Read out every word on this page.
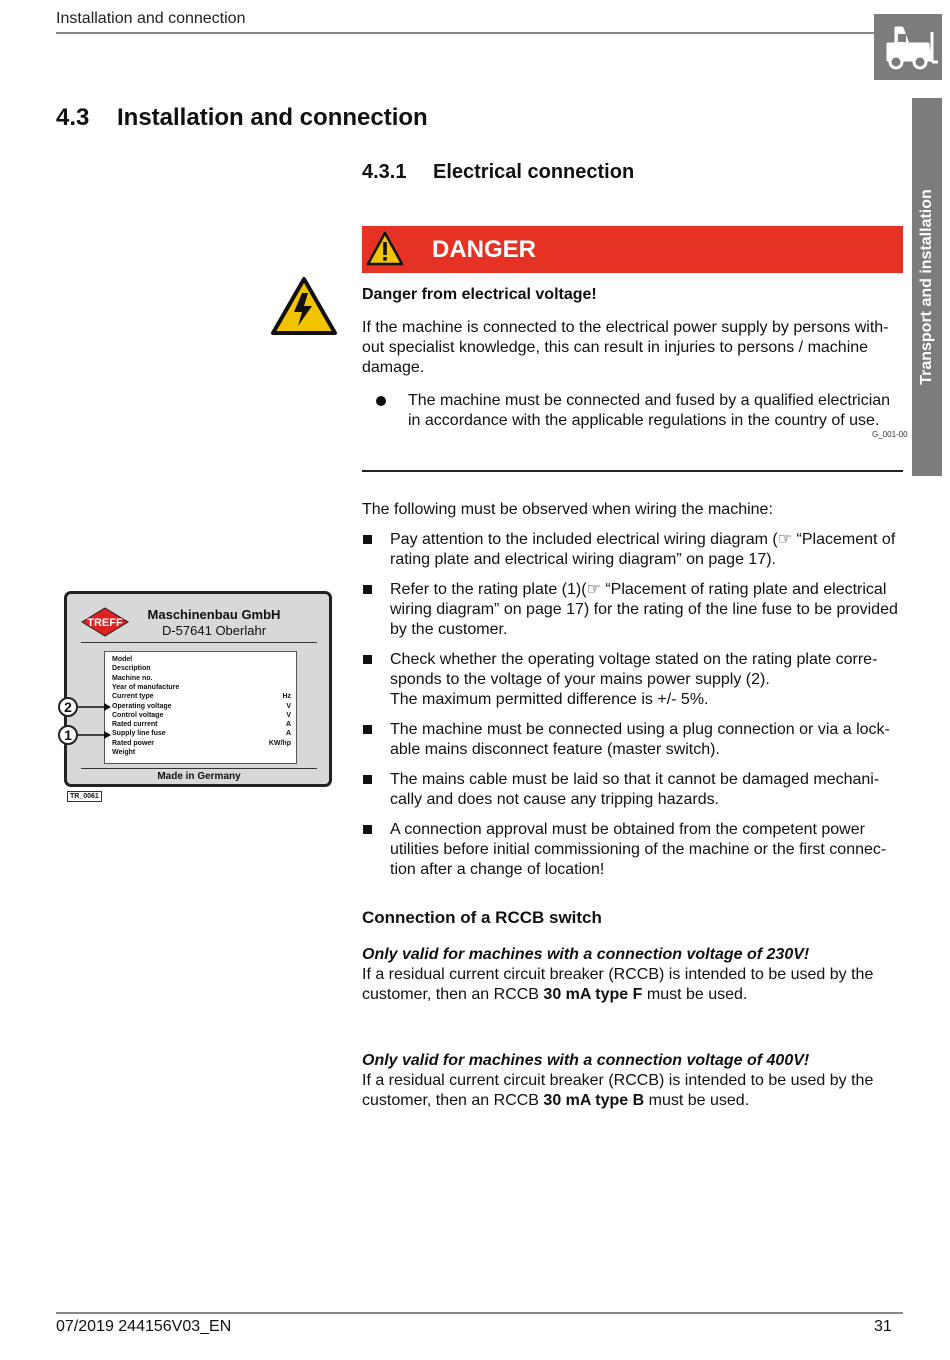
Installation and connection
Transport and installation
4.3 Installation and connection
4.3.1 Electrical connection
DANGER
Danger from electrical voltage!
If the machine is connected to the electrical power supply by persons with-out specialist knowledge, this can result in injuries to persons / machine damage.
The machine must be connected and fused by a qualified electrician in accordance with the applicable regulations in the country of use.
G_001-00
The following must be observed when wiring the machine:
Pay attention to the included electrical wiring diagram (☞ “Placement of rating plate and electrical wiring diagram” on page 17).
Refer to the rating plate (1)(☞ “Placement of rating plate and electrical wiring diagram” on page 17) for the rating of the line fuse to be provided by the customer.
Check whether the operating voltage stated on the rating plate corre-sponds to the voltage of your mains power supply (2).
The maximum permitted difference is +/- 5%.
The machine must be connected using a plug connection or via a lock-able mains disconnect feature (master switch).
The mains cable must be laid so that it cannot be damaged mechani-cally and does not cause any tripping hazards.
A connection approval must be obtained from the competent power utilities before initial commissioning of the machine or the first connec-tion after a change of location!
TREFF
Maschinenbau GmbH
D-57641 Oberlahr
Model
Description
Machine no.
Year of manufacture
Current type
Operating voltage
Control voltage
Rated current
Supply line fuse
Rated power
Weight
Hz
V
V
A
A
KW/hp
Made in Germany
2
1
TR_0061
Connection of a RCCB switch
Only valid for machines with a connection voltage of 230V!
If a residual current circuit breaker (RCCB) is intended to be used by the customer, then an RCCB 30 mA type F must be used.
Only valid for machines with a connection voltage of 400V!
If a residual current circuit breaker (RCCB) is intended to be used by the customer, then an RCCB 30 mA type B must be used.
07/2019 244156V03_EN	31
